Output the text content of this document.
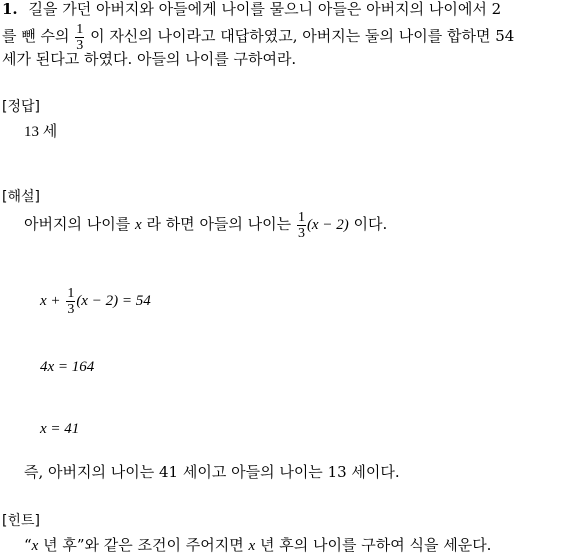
1. 길을 가던 아버지와 아들에게 나이를 물으니 아들은 아버지의 나이에서 2
를 뺀 수의 $\frac{1}{3}$ 이 자신의 나이라고 대답하였고, 아버지는 둘의 나이를 합하면 54
세가 된다고 하였다. 아들의 나이를 구하여라.
[정답]
13 세
[해설]
아버지의 나이를 x 라 하면 아들의 나이는 $\frac{1}{3} (x - 2)$ 이다.
$x + \frac{1}{3} (x - 2) = 54$
4x = 164
x = 41
즉, 아버지의 나이는 41 세이고 아들의 나이는 13 세이다.
[힌트]
“x 년 후”와 같은 조건이 주어지면 x 년 후의 나이를 구하여 식을 세운다.
